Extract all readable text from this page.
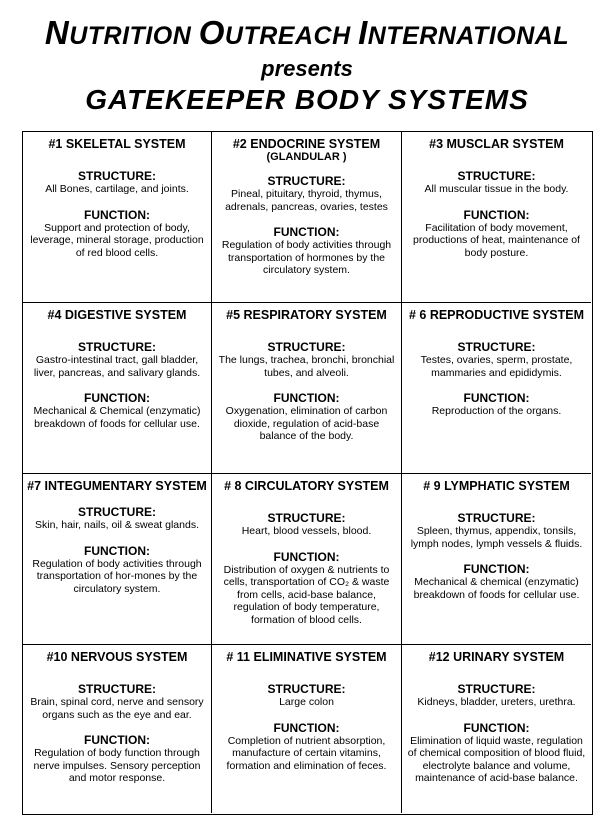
NUTRITION OUTREACH INTERNATIONAL
presents
GATEKEEPER BODY SYSTEMS
#1 SKELETAL SYSTEM
STRUCTURE:
All Bones, cartilage, and joints.
FUNCTION:
Support and protection of body, leverage, mineral storage, production of red blood cells.
#2 ENDOCRINE SYSTEM
(GLANDULAR )
STRUCTURE:
Pineal, pituitary, thyroid, thymus, adrenals, pancreas, ovaries, testes
FUNCTION:
Regulation of body activities through transportation of hormones by the circulatory system.
#3 MUSCLAR SYSTEM
STRUCTURE:
All muscular tissue in the body.
FUNCTION:
Facilitation of body movement, productions of heat, maintenance of body posture.
#4 DIGESTIVE SYSTEM
STRUCTURE:
Gastro-intestinal tract, gall bladder, liver, pancreas, and salivary glands.
FUNCTION:
Mechanical & Chemical (enzymatic) breakdown of foods for cellular use.
#5 RESPIRATORY SYSTEM
STRUCTURE:
The lungs, trachea, bronchi, bronchial tubes, and alveoli.
FUNCTION:
Oxygenation, elimination of carbon dioxide, regulation of acid-base balance of the body.
# 6 REPRODUCTIVE SYSTEM
STRUCTURE:
Testes, ovaries, sperm, prostate, mammaries and epididymis.
FUNCTION:
Reproduction of the organs.
#7 INTEGUMENTARY SYSTEM
STRUCTURE:
Skin, hair, nails, oil & sweat glands.
FUNCTION:
Regulation of body activities through transportation of hor-mones by the circulatory system.
# 8 CIRCULATORY SYSTEM
STRUCTURE:
Heart, blood vessels, blood.
FUNCTION:
Distribution of oxygen & nutrients to cells, transportation of CO₂ & waste from cells, acid-base balance, regulation of body temperature, formation of blood cells.
# 9 LYMPHATIC SYSTEM
STRUCTURE:
Spleen, thymus, appendix, tonsils, lymph nodes, lymph vessels & fluids.
FUNCTION:
Mechanical & chemical (enzymatic) breakdown of foods for cellular use.
#10 NERVOUS SYSTEM
STRUCTURE:
Brain, spinal cord, nerve and sensory organs such as the eye and ear.
FUNCTION:
Regulation of body function through nerve impulses. Sensory perception and motor response.
# 11 ELIMINATIVE SYSTEM
STRUCTURE:
Large colon
FUNCTION:
Completion of nutrient absorption, manufacture of certain vitamins, formation and elimination of feces.
#12 URINARY SYSTEM
STRUCTURE:
Kidneys, bladder, ureters, urethra.
FUNCTION:
Elimination of liquid waste, regulation of chemical composition of blood fluid, electrolyte balance and volume, maintenance of acid-base balance.
